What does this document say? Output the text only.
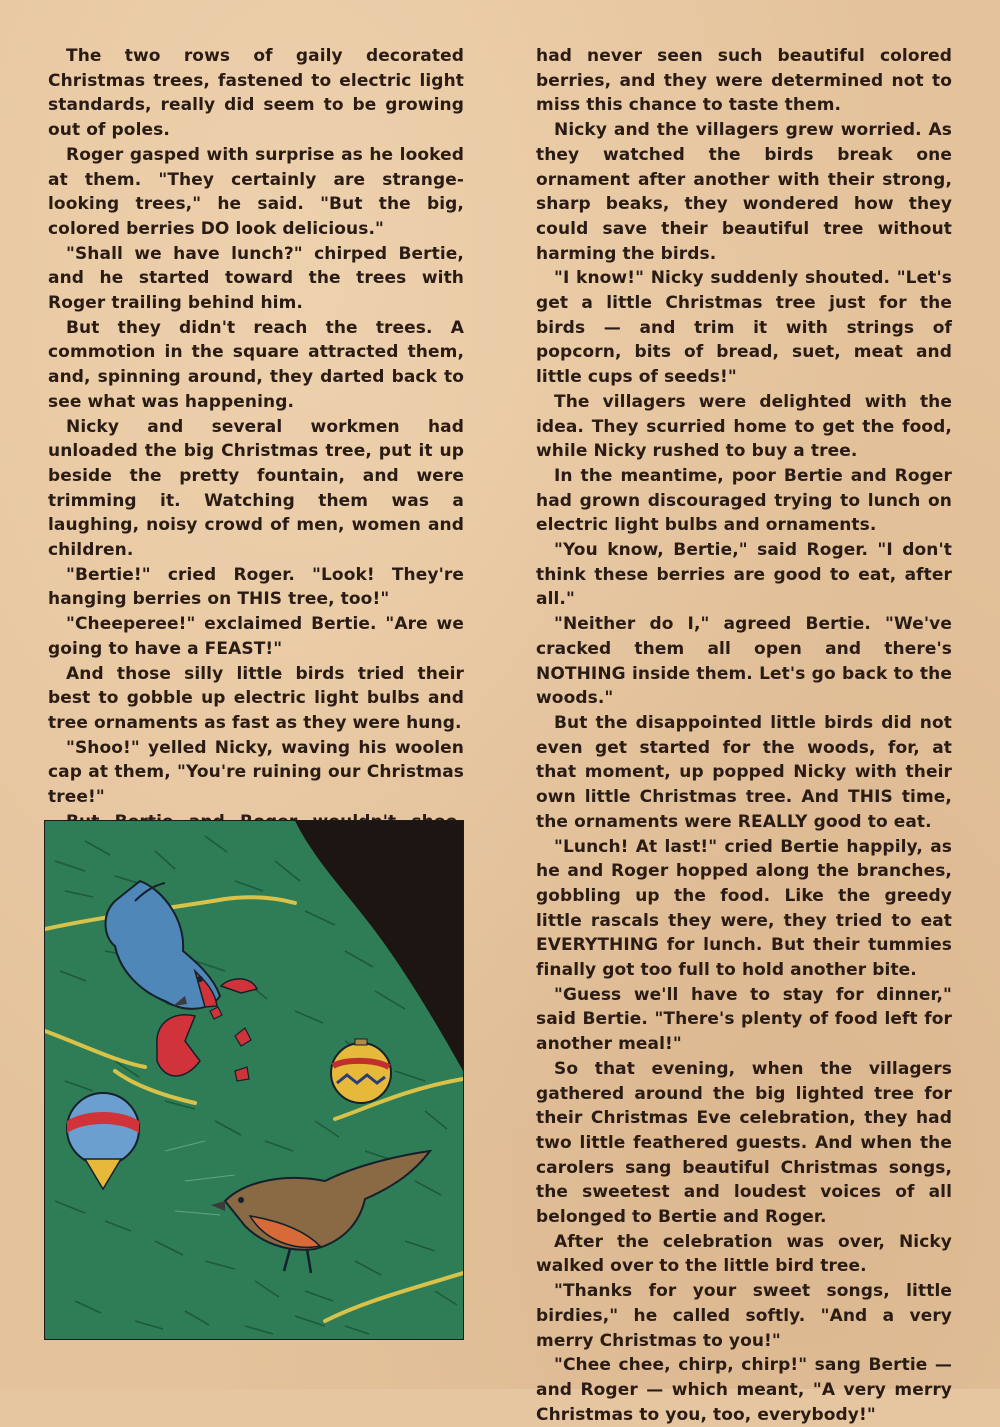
The two rows of gaily decorated Christmas trees, fastened to electric light standards, really did seem to be growing out of poles.

Roger gasped with surprise as he looked at them. "They certainly are strange-looking trees," he said. "But the big, colored berries DO look delicious."

"Shall we have lunch?" chirped Bertie, and he started toward the trees with Roger trailing behind him.

But they didn't reach the trees. A commotion in the square attracted them, and, spinning around, they darted back to see what was happening.

Nicky and several workmen had unloaded the big Christmas tree, put it up beside the pretty fountain, and were trimming it. Watching them was a laughing, noisy crowd of men, women and children.

"Bertie!" cried Roger. "Look! They're hanging berries on THIS tree, too!"

"Cheeperee!" exclaimed Bertie. "Are we going to have a FEAST!"

And those silly little birds tried their best to gobble up electric light bulbs and tree ornaments as fast as they were hung.

"Shoo!" yelled Nicky, waving his woolen cap at them, "You're ruining our Christmas tree!"

had never seen such beautiful colored berries, and they were determined not to miss this chance to taste them.

Nicky and the villagers grew worried. As they watched the birds break one ornament after another with their strong, sharp beaks, they wondered how they could save their beautiful tree without harming the birds.

"I know!" Nicky suddenly shouted. "Let's get a little Christmas tree just for the birds — and trim it with strings of popcorn, bits of bread, suet, meat and little cups of seeds!"

The villagers were delighted with the idea. They scurried home to get the food, while Nicky rushed to buy a tree.

In the meantime, poor Bertie and Roger had grown discouraged trying to lunch on electric light bulbs and ornaments.

"You know, Bertie," said Roger. "I don't think these berries are good to eat, after all."

"Neither do I," agreed Bertie. "We've cracked them all open and there's NOTHING inside them. Let's go back to the woods."

But the disappointed little birds did not even get started for the woods, for, at that moment, up popped Nicky with their own little Christmas tree. And THIS time, the ornaments were REALLY good to eat.

"Lunch! At last!" cried Bertie happily, as he and Roger hopped along the branches, gobbling up the food. Like the greedy little rascals they were, they tried to eat EVERYTHING for lunch. But their tummies finally got too full to hold another bite.

"Guess we'll have to stay for dinner," said Bertie. "There's plenty of food left for another meal!"

So that evening, when the villagers gathered around the big lighted tree for their Christmas Eve celebration, they had two little feathered guests. And when the carolers sang beautiful Christmas songs, the sweetest and loudest voices of all belonged to Bertie and Roger.

After the celebration was over, Nicky walked over to the little bird tree.

"Thanks for your sweet songs, little birdies," he called softly. "And a very merry Christmas to you!"

"Chee chee, chirp, chirp!" sang Bertie — and Roger — which meant, "A very merry Christmas to you, too, everybody!"
